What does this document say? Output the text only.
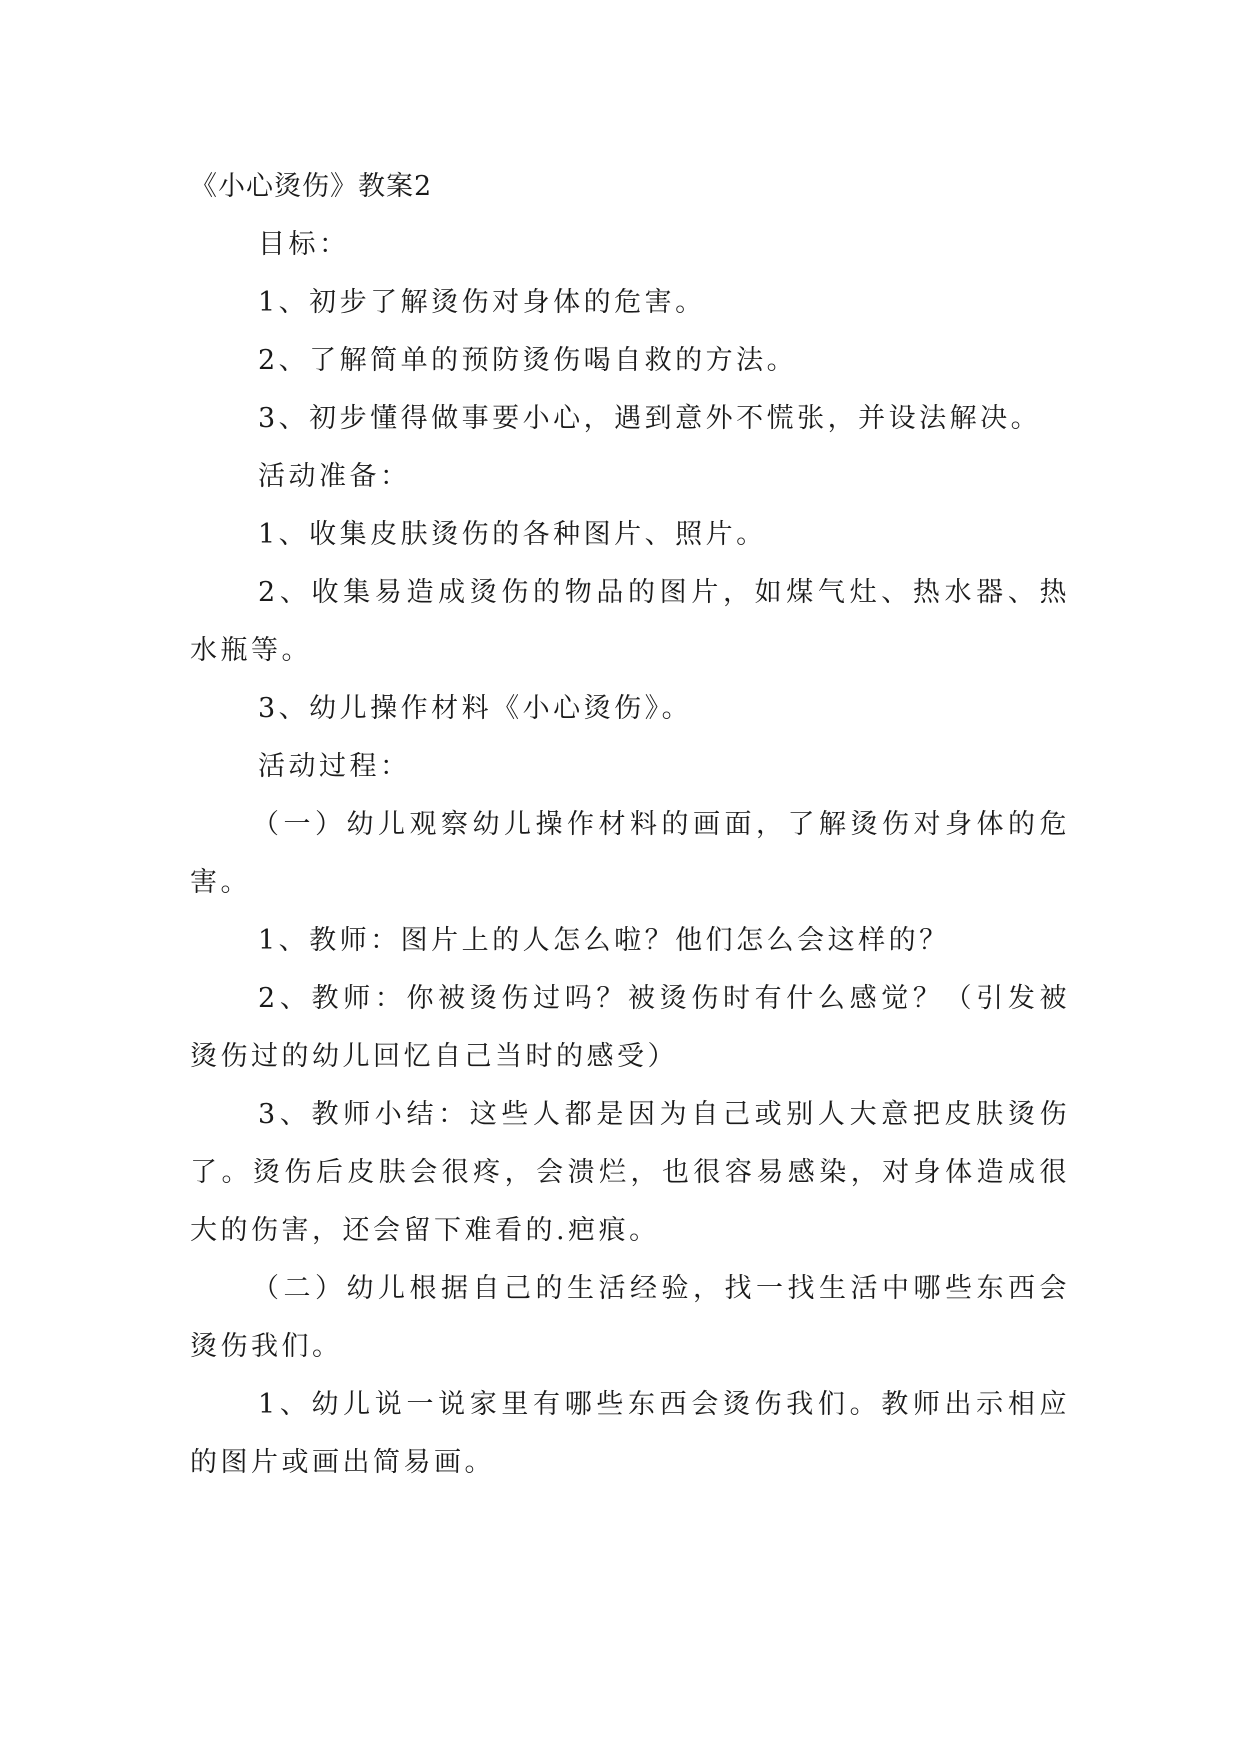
《小心烫伤》教案2

目标：

1、初步了解烫伤对身体的危害。

2、了解简单的预防烫伤喝自救的方法。

3、初步懂得做事要小心，遇到意外不慌张，并设法解决。

活动准备：

1、收集皮肤烫伤的各种图片、照片。

2、收集易造成烫伤的物品的图片，如煤气灶、热水器、热水瓶等。

3、幼儿操作材料《小心烫伤》。

活动过程：

（一）幼儿观察幼儿操作材料的画面，了解烫伤对身体的危害。

1、教师：图片上的人怎么啦？他们怎么会这样的？

2、教师：你被烫伤过吗？被烫伤时有什么感觉？（引发被烫伤过的幼儿回忆自己当时的感受）

3、教师小结：这些人都是因为自己或别人大意把皮肤烫伤了。烫伤后皮肤会很疼，会溃烂，也很容易感染，对身体造成很大的伤害，还会留下难看的.疤痕。

（二）幼儿根据自己的生活经验，找一找生活中哪些东西会烫伤我们。

1、幼儿说一说家里有哪些东西会烫伤我们。教师出示相应的图片或画出简易画。
